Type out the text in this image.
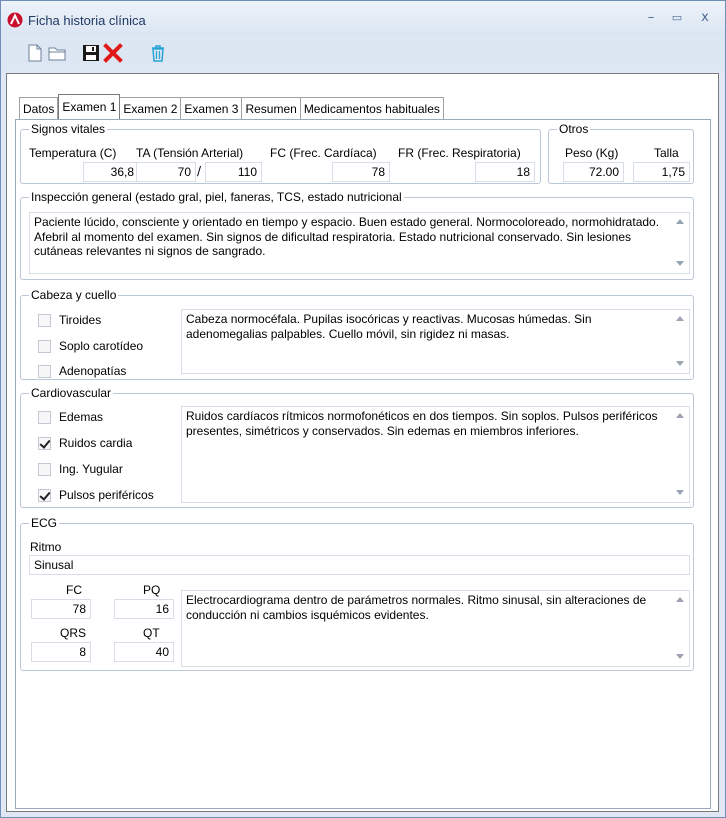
Ficha historia clínica	–	▭	x
Datos Examen 1 Examen 2 Examen 3 Resumen Medicamentos habituales
Signos vitales
Temperatura (C)
36,8
TA (Tensión Arterial)
70 /	110
FC (Frec. Cardíaca)
78
FR (Frec. Respiratoria)
18
Otros
Peso (Kg)
72.00
Talla
1,75
Inspección general (estado gral, piel, faneras, TCS, estado nutricional
Paciente lúcido, consciente y orientado en tiempo y espacio. Buen estado general. Normocoloreado, normohidratado. Afebril al momento del examen. Sin signos de dificultad respiratoria. Estado nutricional conservado. Sin lesiones cutáneas relevantes ni signos de sangrado.
Cabeza y cuello
Tiroides
Soplo carotídeo
Adenopatías
Cabeza normocéfala. Pupilas isocóricas y reactivas. Mucosas húmedas. Sin adenomegalias palpables. Cuello móvil, sin rigidez ni masas.
Cardiovascular
Edemas
Ruidos cardia
Ing. Yugular
Pulsos periféricos
Ruidos cardíacos rítmicos normofonéticos en dos tiempos. Sin soplos. Pulsos periféricos presentes, simétricos y conservados. Sin edemas en miembros inferiores.
ECG
Ritmo
Sinusal
FC
78
PQ
16
QRS
8
QT
40
Electrocardiograma dentro de parámetros normales. Ritmo sinusal, sin alteraciones de conducción ni cambios isquémicos evidentes.
